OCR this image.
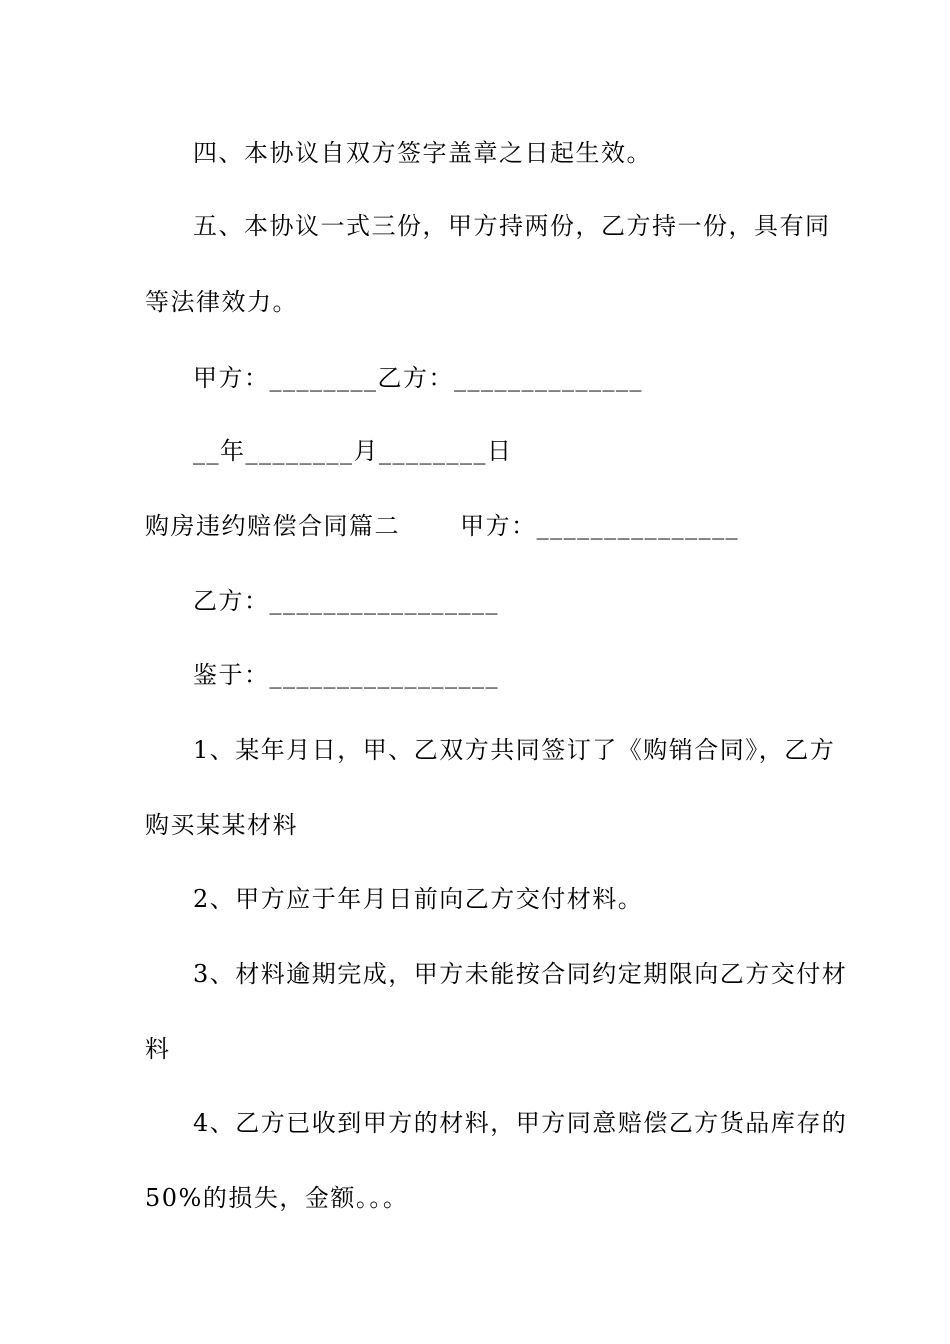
四、本协议自双方签字盖章之日起生效。
五、本协议一式三份，甲方持两份，乙方持一份，具有同
等法律效力。
甲方：________乙方：______________
__年________月________日
购房违约赔偿合同篇二　　 甲方：_______________
乙方：_________________
鉴于：_________________
1、某年月日，甲、乙双方共同签订了《购销合同》，乙方
购买某某材料
2、甲方应于年月日前向乙方交付材料。
3、材料逾期完成，甲方未能按合同约定期限向乙方交付材
料
4、乙方已收到甲方的材料，甲方同意赔偿乙方货品库存的
50%的损失，金额。。。
